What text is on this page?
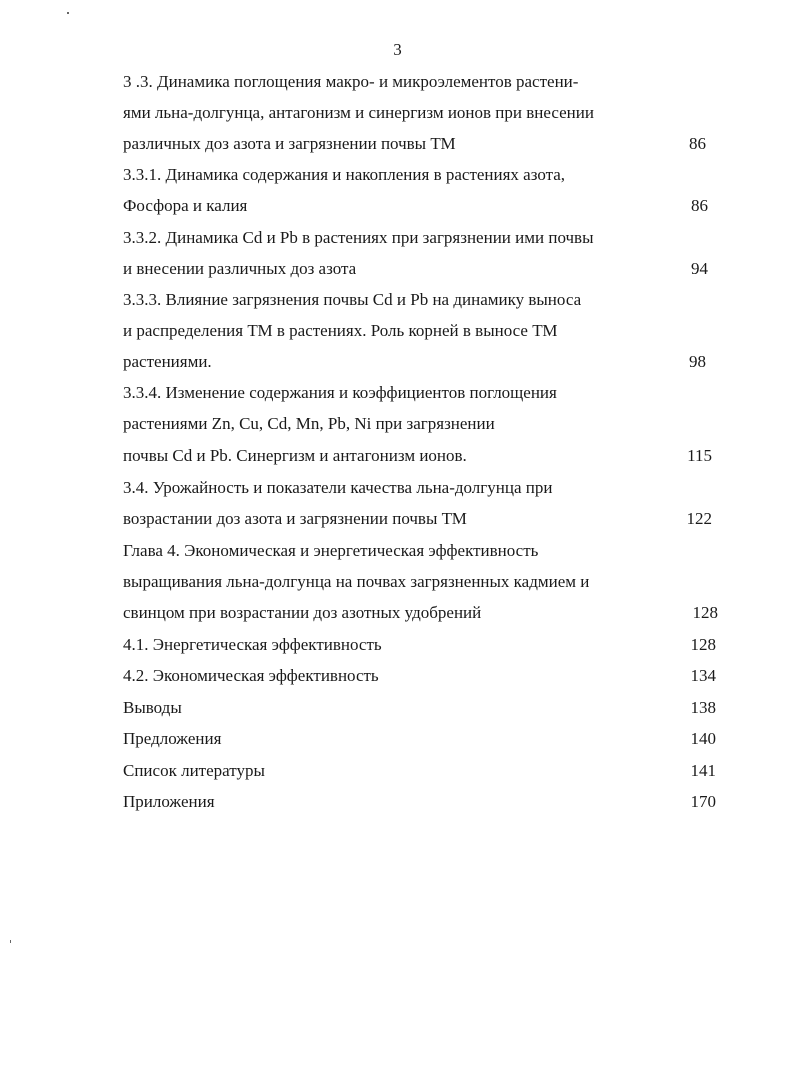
3
3 .3. Динамика поглощения макро- и микроэлементов растени-
ями льна-долгунца, антагонизм и синергизм ионов при внесении
различных доз азота и загрязнении почвы ТМ
3.3.1. Динамика содержания и накопления в растениях азота,
Фосфора и калия
3.3.2. Динамика Cd и Pb в растениях при загрязнении ими почвы
и внесении различных доз азота
3.3.3. Влияние загрязнения почвы Cd и Pb на динамику выноса
и распределения ТМ в растениях. Роль корней в выносе ТМ
растениями.
3.3.4. Изменение содержания и коэффициентов поглощения
растениями Zn, Cu, Cd, Mn, Pb, Ni при загрязнении
почвы Cd и Pb. Синергизм и антагонизм ионов.
3.4. Урожайность и показатели качества льна-долгунца при
возрастании доз азота и загрязнении почвы ТМ
Глава 4. Экономическая и энергетическая эффективность
выращивания льна-долгунца на почвах загрязненных кадмием и
свинцом при возрастании доз азотных удобрений
4.1. Энергетическая эффективность
4.2. Экономическая эффективность
Выводы
Предложения
Список литературы
Приложения
86
86
94
98
115
122
128
128
134
138
140
141
170
